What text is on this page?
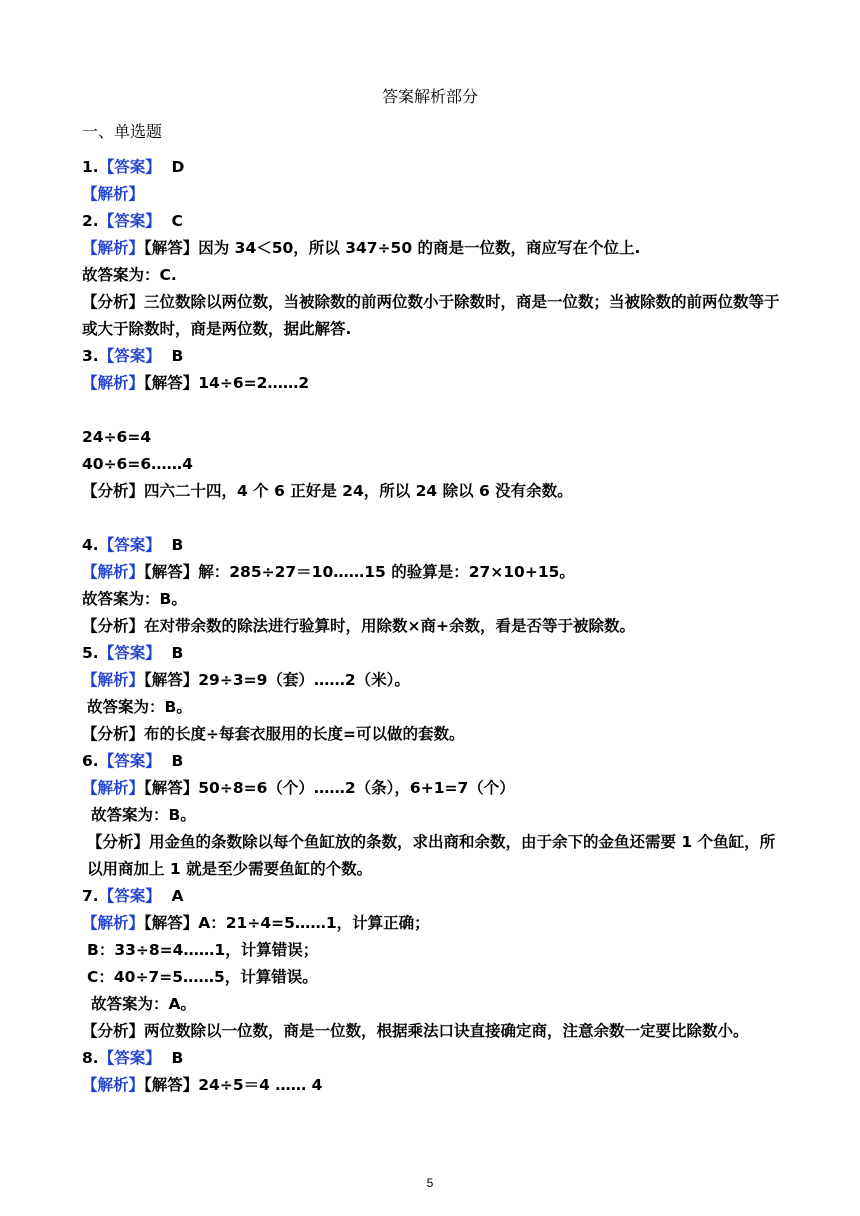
答案解析部分
一、单选题
1.【答案】  D
【解析】
2.【答案】  C
【解析】【解答】因为 34＜50，所以 347÷50 的商是一位数，商应写在个位上.
故答案为：C.
【分析】三位数除以两位数，当被除数的前两位数小于除数时，商是一位数；当被除数的前两位数等于或大于除数时，商是两位数，据此解答.
3.【答案】  B
【解析】【解答】14÷6=2……2
24÷6=4
40÷6=6……4
【分析】四六二十四，4 个 6 正好是 24，所以 24 除以 6 没有余数。
4.【答案】  B
【解析】【解答】解：285÷27＝10……15 的验算是：27×10+15。
故答案为：B。
【分析】在对带余数的除法进行验算时，用除数×商+余数，看是否等于被除数。
5.【答案】  B
【解析】【解答】29÷3=9（套）……2（米）。
故答案为：B。
【分析】布的长度÷每套衣服用的长度=可以做的套数。
6.【答案】  B
【解析】【解答】50÷8=6（个）……2（条），6+1=7（个）
故答案为：B。
【分析】用金鱼的条数除以每个鱼缸放的条数，求出商和余数，由于余下的金鱼还需要 1 个鱼缸，所以用商加上 1 就是至少需要鱼缸的个数。
7.【答案】  A
【解析】【解答】A：21÷4=5……1，计算正确；
B：33÷8=4……1，计算错误；
C：40÷7=5……5，计算错误。
故答案为：A。
【分析】两位数除以一位数，商是一位数，根据乘法口诀直接确定商，注意余数一定要比除数小。
8.【答案】  B
【解析】【解答】24÷5＝4 …… 4
5
